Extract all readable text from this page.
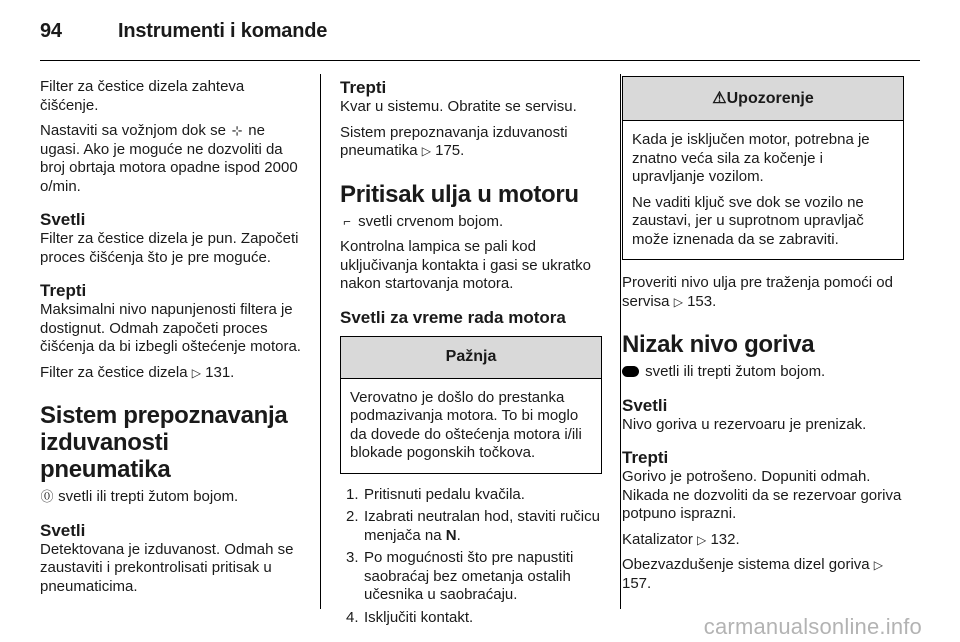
94	Instrumenti i komande

Filter za čestice dizela zahteva čišćenje.

Nastaviti sa vožnjom dok se ⊹ ne ugasi. Ako je moguće ne dozvoliti da broj obrtaja motora opadne ispod 2000 o/min.

Svetli

Filter za čestice dizela je pun. Započeti proces čišćenja što je pre moguće.

Trepti

Maksimalni nivo napunjenosti filtera je dostignut. Odmah započeti proces čišćenja da bi izbegli oštećenje motora.

Filter za čestice dizela ▷ 131.

Sistem prepoznavanja izduvanosti pneumatika

⓪ svetli ili trepti žutom bojom.

Svetli

Detektovana je izduvanost. Odmah se zaustaviti i prekontrolisati pritisak u pneumaticima.

Trepti

Kvar u sistemu. Obratite se servisu.

Sistem prepoznavanja izduvanosti pneumatika ▷ 175.

Pritisak ulja u motoru

⌐ svetli crvenom bojom.

Kontrolna lampica se pali kod uključivanja kontakta i gasi se ukratko nakon startovanja motora.

Svetli za vreme rada motora

Pažnja

Verovatno je došlo do prestanka podmazivanja motora. To bi moglo da dovede do oštećenja motora i/ili blokade pogonskih točkova.

1. Pritisnuti pedalu kvačila.
2. Izabrati neutralan hod, staviti ručicu menjača na N.
3. Po mogućnosti što pre napustiti saobraćaj bez ometanja ostalih učesnika u saobraćaju.
4. Isključiti kontakt.
⚠Upozorenje

Kada je isključen motor, potrebna je znatno veća sila za kočenje i upravljanje vozilom.

Ne vaditi ključ sve dok se vozilo ne zaustavi, jer u suprotnom upravljač može iznenada da se zabraviti.

Proveriti nivo ulja pre traženja pomoći od servisa ▷ 153.

Nizak nivo goriva

svetli ili trepti žutom bojom.

Svetli

Nivo goriva u rezervoaru je prenizak.

Trepti

Gorivo je potrošeno. Dopuniti odmah. Nikada ne dozvoliti da se rezervoar goriva potpuno isprazni.

Katalizator ▷ 132.

Obezvazdušenje sistema dizel goriva ▷ 157.

carmanualsonline.info
